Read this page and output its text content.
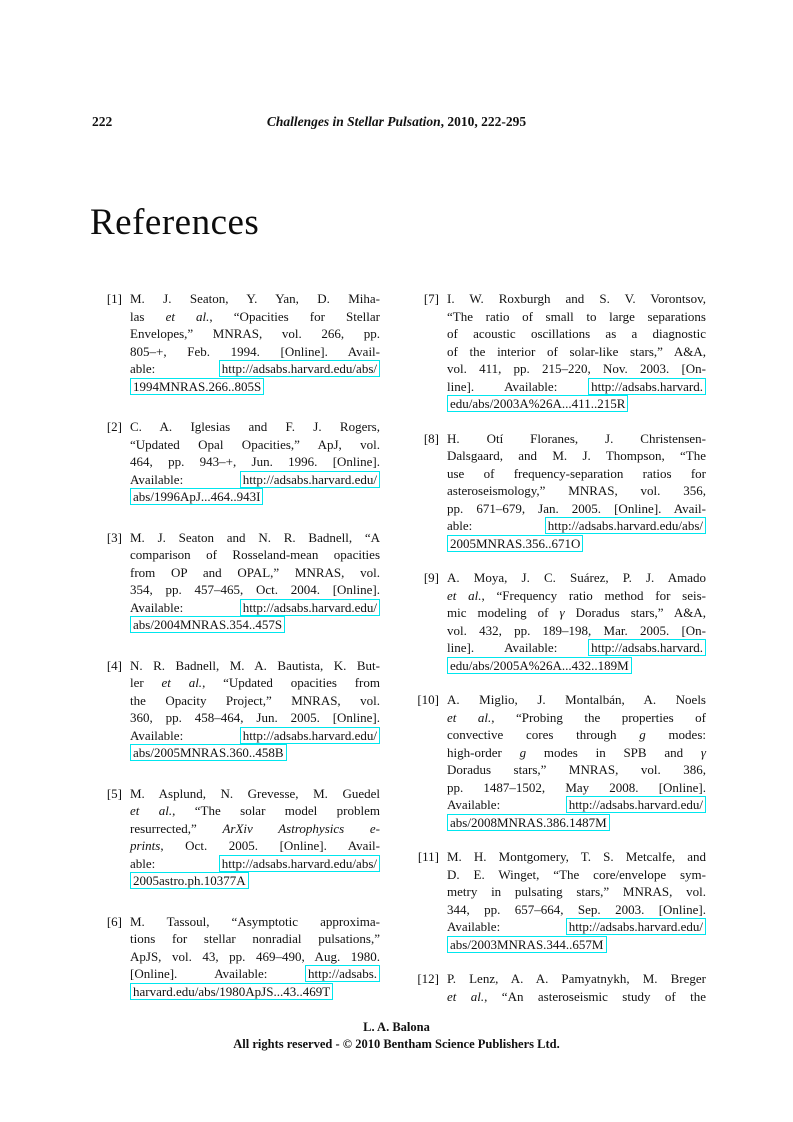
222	Challenges in Stellar Pulsation, 2010, 222-295
References
[1] M. J. Seaton, Y. Yan, D. Miha-
las et al., “Opacities for Stellar
Envelopes,” MNRAS, vol. 266, pp.
805–+, Feb. 1994. [Online]. Avail-
able: http://adsabs.harvard.edu/abs/
1994MNRAS.266..805S
[2] C. A. Iglesias and F. J. Rogers,
“Updated Opal Opacities,” ApJ, vol.
464, pp. 943–+, Jun. 1996. [Online].
Available: http://adsabs.harvard.edu/
abs/1996ApJ...464..943I
[3] M. J. Seaton and N. R. Badnell, “A
comparison of Rosseland-mean opacities
from OP and OPAL,” MNRAS, vol.
354, pp. 457–465, Oct. 2004. [Online].
Available: http://adsabs.harvard.edu/
abs/2004MNRAS.354..457S
[4] N. R. Badnell, M. A. Bautista, K. But-
ler et al., “Updated opacities from
the Opacity Project,” MNRAS, vol.
360, pp. 458–464, Jun. 2005. [Online].
Available: http://adsabs.harvard.edu/
abs/2005MNRAS.360..458B
[5] M. Asplund, N. Grevesse, M. Guedel
et al., “The solar model problem
resurrected,” ArXiv Astrophysics e-
prints, Oct. 2005. [Online]. Avail-
able: http://adsabs.harvard.edu/abs/
2005astro.ph.10377A
[6] M. Tassoul, “Asymptotic approxima-
tions for stellar nonradial pulsations,”
ApJS, vol. 43, pp. 469–490, Aug. 1980.
[Online]. Available: http://adsabs.
harvard.edu/abs/1980ApJS...43..469T
[7] I. W. Roxburgh and S. V. Vorontsov,
“The ratio of small to large separations
of acoustic oscillations as a diagnostic
of the interior of solar-like stars,” A&A,
vol. 411, pp. 215–220, Nov. 2003. [On-
line]. Available: http://adsabs.harvard.
edu/abs/2003A%26A...411..215R
[8] H. Otí Floranes, J. Christensen-
Dalsgaard, and M. J. Thompson, “The
use of frequency-separation ratios for
asteroseismology,” MNRAS, vol. 356,
pp. 671–679, Jan. 2005. [Online]. Avail-
able: http://adsabs.harvard.edu/abs/
2005MNRAS.356..671O
[9] A. Moya, J. C. Suárez, P. J. Amado
et al., “Frequency ratio method for seis-
mic modeling of γ Doradus stars,” A&A,
vol. 432, pp. 189–198, Mar. 2005. [On-
line]. Available: http://adsabs.harvard.
edu/abs/2005A%26A...432..189M
[10] A. Miglio, J. Montalbán, A. Noels
et al., “Probing the properties of
convective cores through g modes:
high-order g modes in SPB and γ
Doradus stars,” MNRAS, vol. 386,
pp. 1487–1502, May 2008. [Online].
Available: http://adsabs.harvard.edu/
abs/2008MNRAS.386.1487M
[11] M. H. Montgomery, T. S. Metcalfe, and
D. E. Winget, “The core/envelope sym-
metry in pulsating stars,” MNRAS, vol.
344, pp. 657–664, Sep. 2003. [Online].
Available: http://adsabs.harvard.edu/
abs/2003MNRAS.344..657M
[12] P. Lenz, A. A. Pamyatnykh, M. Breger
et al., “An asteroseismic study of the
L. A. Balona
All rights reserved - © 2010 Bentham Science Publishers Ltd.
